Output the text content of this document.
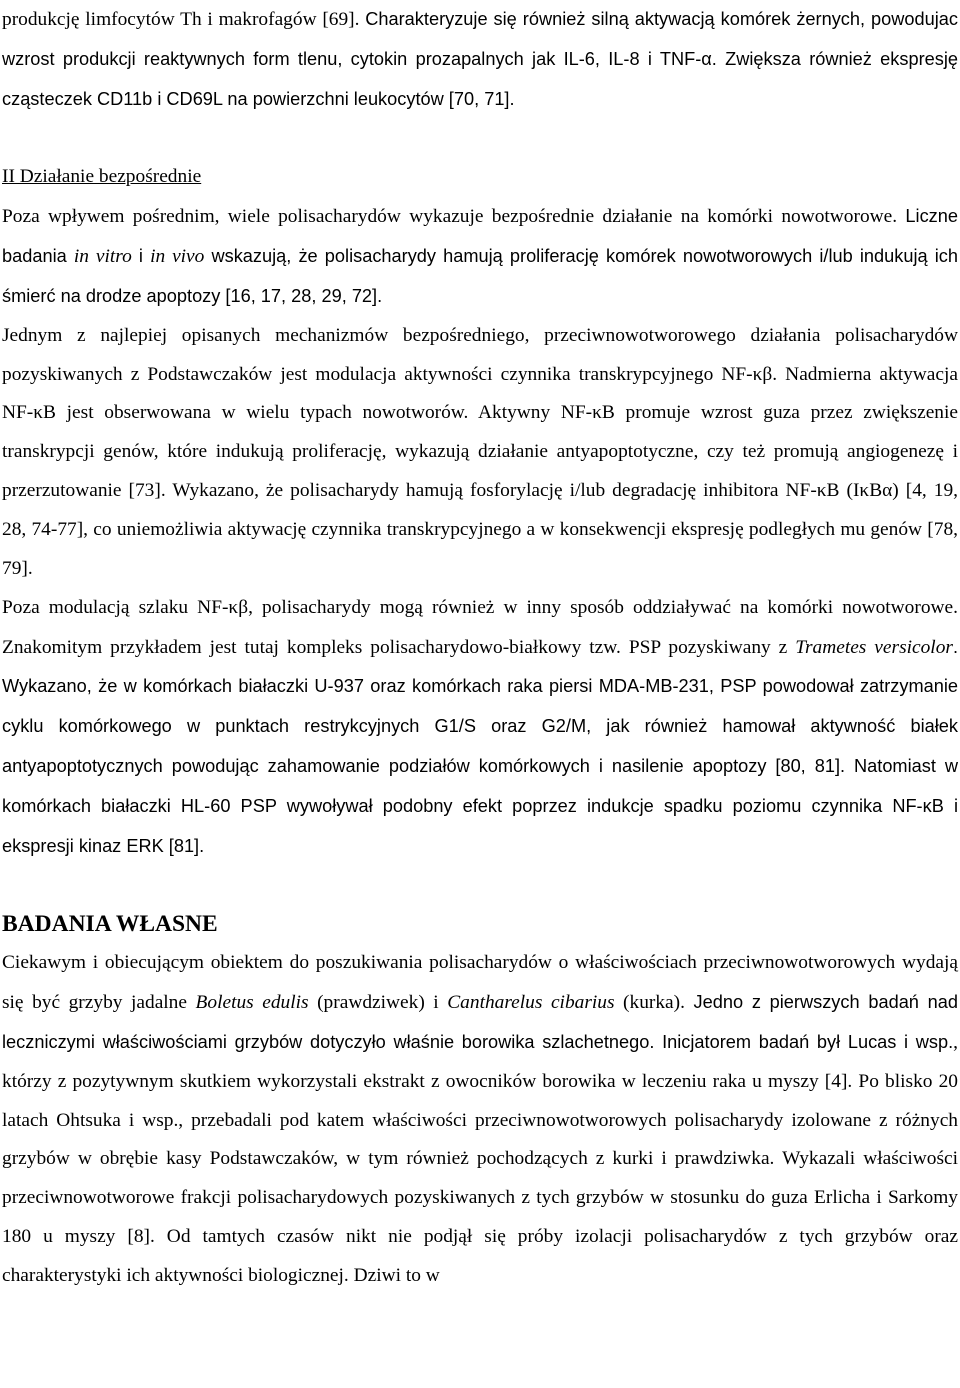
produkcję limfocytów Th i makrofagów [69]. Charakteryzuje się również silną aktywacją komórek żernych, powodujac wzrost produkcji reaktywnych form tlenu, cytokin prozapalnych jak IL-6, IL-8 i TNF-α. Zwiększa również ekspresję cząsteczek CD11b i CD69L na powierzchni leukocytów [70, 71].

II Działanie bezpośrednie

Poza wpływem pośrednim, wiele polisacharydów wykazuje bezpośrednie działanie na komórki nowotworowe. Liczne badania in vitro i in vivo wskazują, że polisacharydy hamują proliferację komórek nowotworowych i/lub indukują ich śmierć na drodze apoptozy [16, 17, 28, 29, 72].

Jednym z najlepiej opisanych mechanizmów bezpośredniego, przeciwnowotworowego działania polisacharydów pozyskiwanych z Podstawczaków jest modulacja aktywności czynnika transkrypcyjnego NF-κβ. Nadmierna aktywacja NF-κB jest obserwowana w wielu typach nowotworów. Aktywny NF-κB promuje wzrost guza przez zwiększenie transkrypcji genów, które indukują proliferację, wykazują działanie antyapoptotyczne, czy też promują angiogenezę i przerzutowanie [73]. Wykazano, że polisacharydy hamują fosforylację i/lub degradację inhibitora NF-κB (IκBα) [4, 19, 28, 74-77], co uniemożliwia aktywację czynnika transkrypcyjnego a w konsekwencji ekspresję podległych mu genów [78, 79].

Poza modulacją szlaku NF-κβ, polisacharydy mogą również w inny sposób oddziaływać na komórki nowotworowe. Znakomitym przykładem jest tutaj kompleks polisacharydowo-białkowy tzw. PSP pozyskiwany z Trametes versicolor. Wykazano, że w komórkach białaczki U-937 oraz komórkach raka piersi MDA-MB-231, PSP powodował zatrzymanie cyklu komórkowego w punktach restrykcyjnych G1/S oraz G2/M, jak również hamował aktywność białek antyapoptotycznych powodując zahamowanie podziałów komórkowych i nasilenie apoptozy [80, 81]. Natomiast w komórkach białaczki HL-60 PSP wywoływał podobny efekt poprzez indukcje spadku poziomu czynnika NF-κB i ekspresji kinaz ERK [81].

BADANIA WŁASNE

Ciekawym i obiecującym obiektem do poszukiwania polisacharydów o właściwościach przeciwnowotworowych wydają się być grzyby jadalne Boletus edulis (prawdziwek) i Cantharelus cibarius (kurka). Jedno z pierwszych badań nad leczniczymi właściwościami grzybów dotyczyło właśnie borowika szlachetnego. Inicjatorem badań był Lucas i wsp., którzy z pozytywnym skutkiem wykorzystali ekstrakt z owocników borowika w leczeniu raka u myszy [4]. Po blisko 20 latach Ohtsuka i wsp., przebadali pod katem właściwości przeciwnowotworowych polisacharydy izolowane z różnych grzybów w obrębie kasy Podstawczaków, w tym również pochodzących z kurki i prawdziwka. Wykazali właściwości przeciwnowotworowe frakcji polisacharydowych pozyskiwanych z tych grzybów w stosunku do guza Erlicha i Sarkomy 180 u myszy [8]. Od tamtych czasów nikt nie podjął się próby izolacji polisacharydów z tych grzybów oraz charakterystyki ich aktywności biologicznej. Dziwi to w
